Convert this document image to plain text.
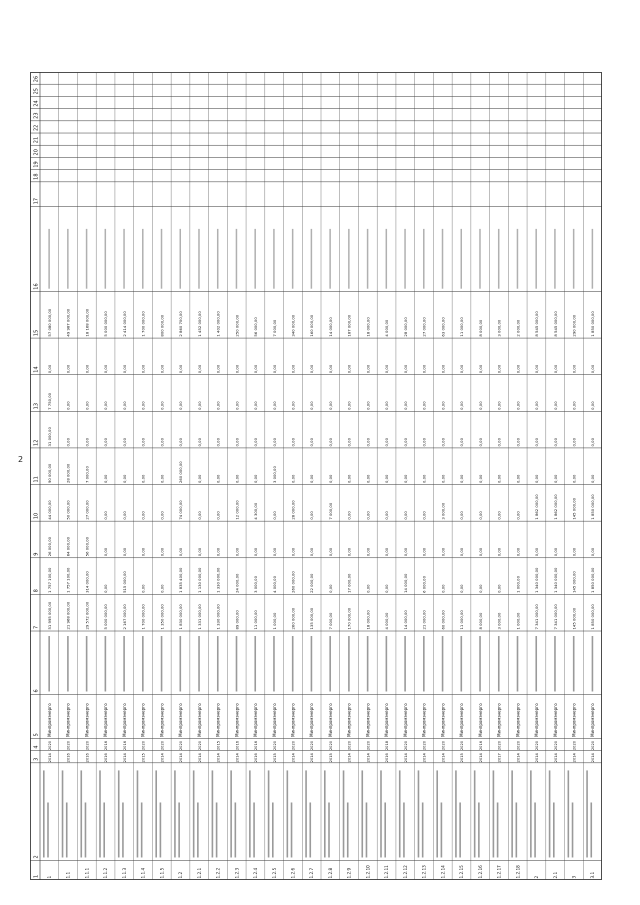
2
1
2
3
4
5
6
7
8
9
10
11
12
13
14
15
16
17
18
19
20
21
22
23
24
25
26
1
2014
2020
Минпромэнерго
51 995 000,00
1 757 100,00
26 000,00
44 000,00
90 000,00
31 000,00
7 750,00
0,00
57 080 000,00
1.1
2016
2020
Минпромэнерго
21 968 000,00
1 757 100,00
64 000,00
50 000,00
28 000,00
0,00
0,00
0,00
49 987 000,00
1.1.1
2016
2020
Минпромэнерго
29 572 000,00
314 000,00
56 000,00
27 000,00
7 000,00
0,00
0,00
0,00
18 168 000,00
1.1.2
2016
2016
Минпромэнерго
5 000 000,00
0,00
0,00
0,00
0,00
0,00
0,00
0,00
5 000 000,00
1.1.3
2014
2016
Минпромэнерго
2 167 000,00
515 000,00
0,00
0,00
0,00
0,00
0,00
0,00
2 414 000,00
1.1.4
2015
2020
Минпромэнерго
1 700 000,00
0,00
0,00
0,00
0,00
0,00
0,00
0,00
1 700 000,00
1.1.5
2014
2020
Минпромэнерго
1 350 000,00
0,00
0,00
0,00
0,00
0,00
0,00
0,00
800 000,00
1.2
2014
2020
Минпромэнерго
1 830 000,00
1 835 400,00
0,00
74 000,00
260 000,00
0,00
0,00
0,00
2 860 700,00
1.2.1
2014
2020
Минпромэнерго
1 331 000,00
1 130 000,00
0,00
0,00
0,00
0,00
0,00
0,00
1 452 000,00
1.2.2
2014
2015
Минпромэнерго
1 330 000,00
1 330 000,00
0,00
0,00
0,00
0,00
0,00
0,00
1 402 000,00
1.2.3
2014
2016
Минпромэнерго
89 000,00
24 000,00
0,00
12 000,00
0,00
0,00
0,00
0,00
250 000,00
1.2.4
2016
2016
Минпромэнерго
11 000,00
3 000,00
0,00
4 300,00
0,00
0,00
0,00
0,00
56 000,00
1.2.5
2015
2020
Минпромэнерго
1 000,00
4 000,00
0,00
0,00
3 000,00
0,00
0,00
0,00
7 000,00
1.2.6
2014
2020
Минпромэнерго
260 000,00
260 000,00
0,00
28 000,00
0,00
0,00
0,00
0,00
340 000,00
1.2.7
2014
2020
Минпромэнерго
135 000,00
22 000,00
0,00
0,00
0,00
0,00
0,00
0,00
160 000,00
1.2.8
2015
2020
Минпромэнерго
7 000,00
0,00
0,00
7 000,00
0,00
0,00
0,00
0,00
14 000,00
1.2.9
2014
2020
Минпромэнерго
170 000,00
17 000,00
0,00
0,00
0,00
0,00
0,00
0,00
187 000,00
1.2.10
2014
2020
Минпромэнерго
18 000,00
0,00
0,00
0,00
0,00
0,00
0,00
0,00
18 000,00
1.2.11
2016
2018
Минпромэнерго
4 000,00
0,00
0,00
0,00
0,00
0,00
0,00
0,00
4 000,00
1.2.12
2014
2020
Минпромэнерго
14 000,00
14 000,00
0,00
0,00
0,00
0,00
0,00
0,00
28 000,00
1.2.13
2014
2020
Минпромэнерго
21 000,00
6 000,00
0,00
0,00
0,00
0,00
0,00
0,00
27 000,00
1.2.14
2014
2020
Минпромэнерго
60 000,00
0,00
0,00
3 000,00
0,00
0,00
0,00
0,00
63 000,00
1.2.15
2015
2020
Минпромэнерго
11 000,00
0,00
0,00
0,00
0,00
0,00
0,00
0,00
11 000,00
1.2.16
2014
2016
Минпромэнерго
8 000,00
0,00
0,00
0,00
0,00
0,00
0,00
0,00
8 000,00
1.2.17
2017
2020
Минпромэнерго
3 000,00
0,00
0,00
0,00
0,00
0,00
0,00
0,00
3 000,00
1.2.18
2014
2020
Минпромэнерго
1 000,00
1 000,00
0,00
0,00
0,00
0,00
0,00
0,00
2 000,00
2
2014
2020
Минпромэнерго
7 341 000,00
1 340 000,00
0,00
1 862 000,00
0,00
0,00
0,00
0,00
8 545 000,00
2.1
2014
2020
Минпромэнерго
7 341 000,00
1 340 000,00
0,00
1 862 000,00
0,00
0,00
0,00
0,00
8 545 000,00
3
2014
2020
Минпромэнерго
145 000,00
145 000,00
0,00
145 000,00
0,00
0,00
0,00
0,00
290 000,00
3.1
2014
2020
Минпромэнерго
1 850 000,00
1 850 000,00
0,00
1 850 000,00
0,00
0,00
0,00
0,00
1 850 000,00
